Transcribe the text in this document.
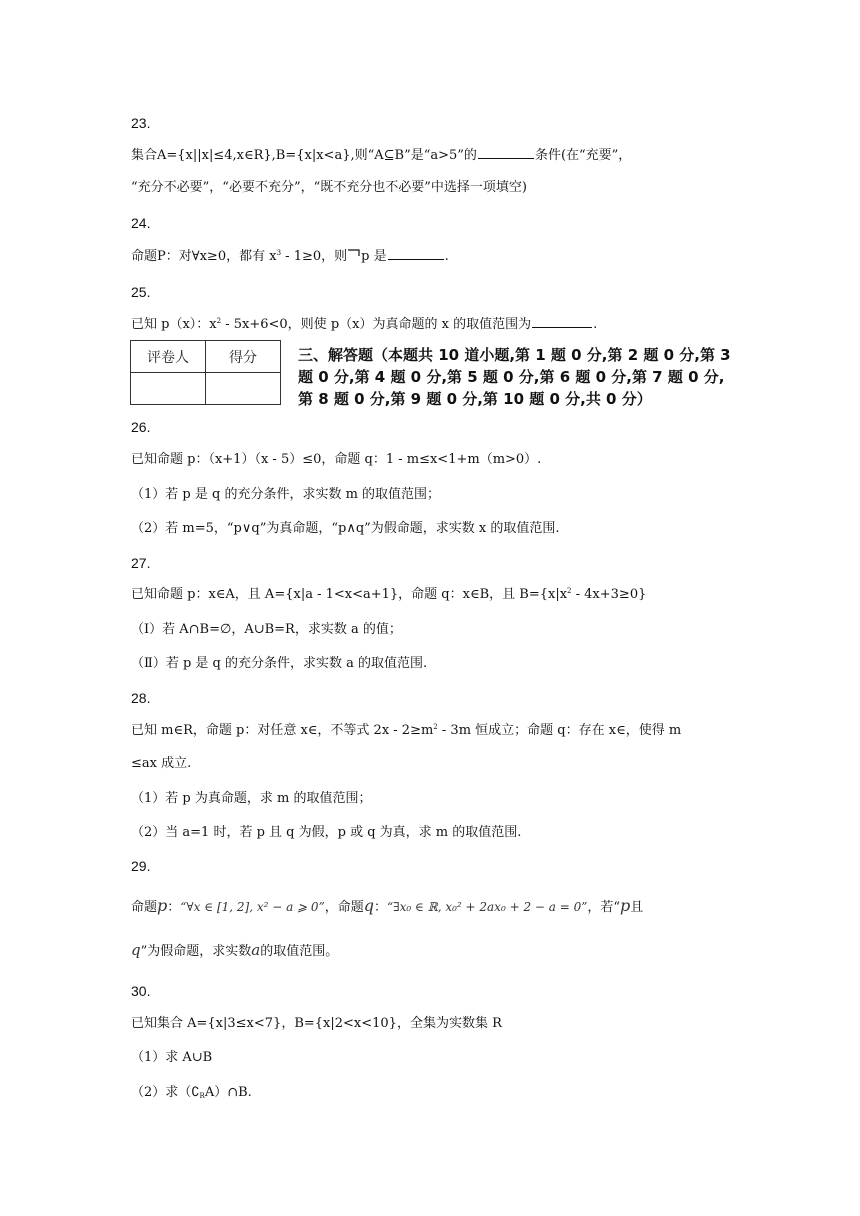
23.
集合A={x||x|≤4,x∈R},B={x|x<a},则“A⊆B”是“a>5”的	条件(在“充要”，
“充分不必要”，“必要不充分”，“既不充分也不必要”中选择一项填空)
24.
命题P：对∀x≥0，都有 $x^3 - 1\ge 0$，则 p 是	.
25.
已知 p（x）：$x^2 - 5x+6<0$，则使 p（x）为真命题的 x 的取值范围为	.
评卷人	得分
		三、解答题（本题共 10 道小题,第 1 题 0 分,第 2 题 0 分,第 3 题 0 分,第 4 题 0 分,第 5 题 0 分,第 6 题 0 分,第 7 题 0 分,第 8 题 0 分,第 9 题 0 分,第 10 题 0 分,共 0 分）
26.
已知命题 p：（x+1）（x - 5）≤0，命题 q：1 - m≤x<1+m（m>0）.
（1）若 p 是 q 的充分条件，求实数 m 的取值范围；
（2）若 m=5，“p∨q”为真命题，“p∧q”为假命题，求实数 x 的取值范围.
27.
已知命题 p：x∈A，且 A={x|a - 1<x<a+1}，命题 q：x∈B，且 $B=\{x|x^2 - 4x+3\ge 0\}$
（Ⅰ）若 A∩B=∅，A∪B=R，求实数 a 的值；
（Ⅱ）若 p 是 q 的充分条件，求实数 a 的取值范围.
28.
已知 m∈R，命题 p：对任意 x∈，不等式 $2x - 2\ge m^2 - 3m$ 恒成立；命题 q：存在 x∈，使得 m
≤ax 成立.
（1）若 p 为真命题，求 m 的取值范围；
（2）当 a=1 时，若 p 且 q 为假，p 或 q 为真，求 m 的取值范围.
29.
命题p：“∀x ∈ [1, 2], x² − a ⩾ 0”，命题q：“∃x₀ ∈ ℝ, x₀² + 2ax₀ + 2 − a = 0”，若“p且
q”为假命题，求实数a的取值范围。
30.
已知集合 A={x|3≤x<7}，B={x|2<x<10}，全集为实数集 R
（1）求 A∪B
（2）求$(∁_RA)\cap B$.
